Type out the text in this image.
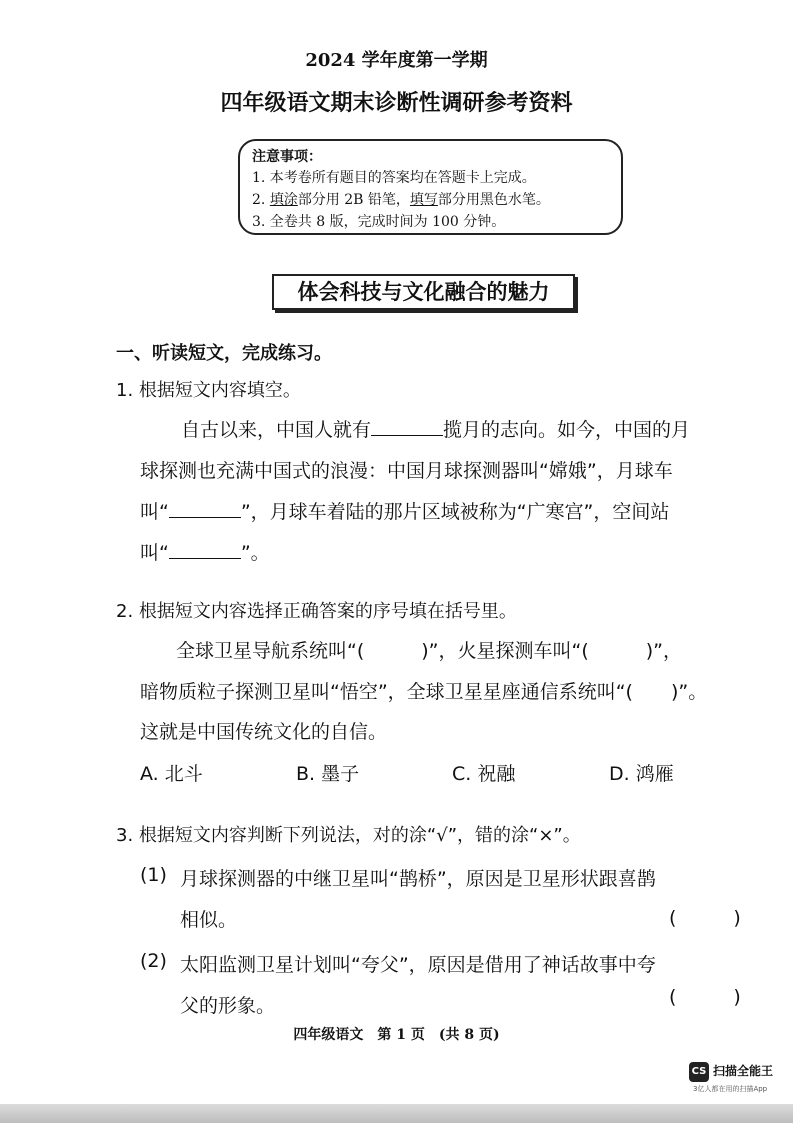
2024 学年度第一学期
四年级语文期末诊断性调研参考资料
注意事项：
1. 本考卷所有题目的答案均在答题卡上完成。
2. 填涂部分用 2B 铅笔，填写部分用黑色水笔。
3. 全卷共 8 版，完成时间为 100 分钟。
体会科技与文化融合的魅力
一、听读短文，完成练习。
1. 根据短文内容填空。
自古以来，中国人就有	揽月的志向。如今，中国的月
球探测也充满中国式的浪漫：中国月球探测器叫“嫦娥”，月球车
叫“	”，月球车着陆的那片区域被称为“广寒宫”，空间站
叫“	”。
2. 根据短文内容选择正确答案的序号填在括号里。
全球卫星导航系统叫“(　　　)”，火星探测车叫“(　　　)”，
暗物质粒子探测卫星叫“悟空”，全球卫星星座通信系统叫“(　　)”。
这就是中国传统文化的自信。
A. 北斗	B. 墨子	C. 祝融	D. 鸿雁
3. 根据短文内容判断下列说法，对的涂“√”，错的涂“×”。
(1) 月球探测器的中继卫星叫“鹊桥”，原因是卫星形状跟喜鹊
相似。	(　　　)
(2) 太阳监测卫星计划叫“夸父”，原因是借用了神话故事中夸
父的形象。	(　　　)
四年级语文　第 1 页　(共 8 页)
CS 扫描全能王
3亿人都在用的扫描App
